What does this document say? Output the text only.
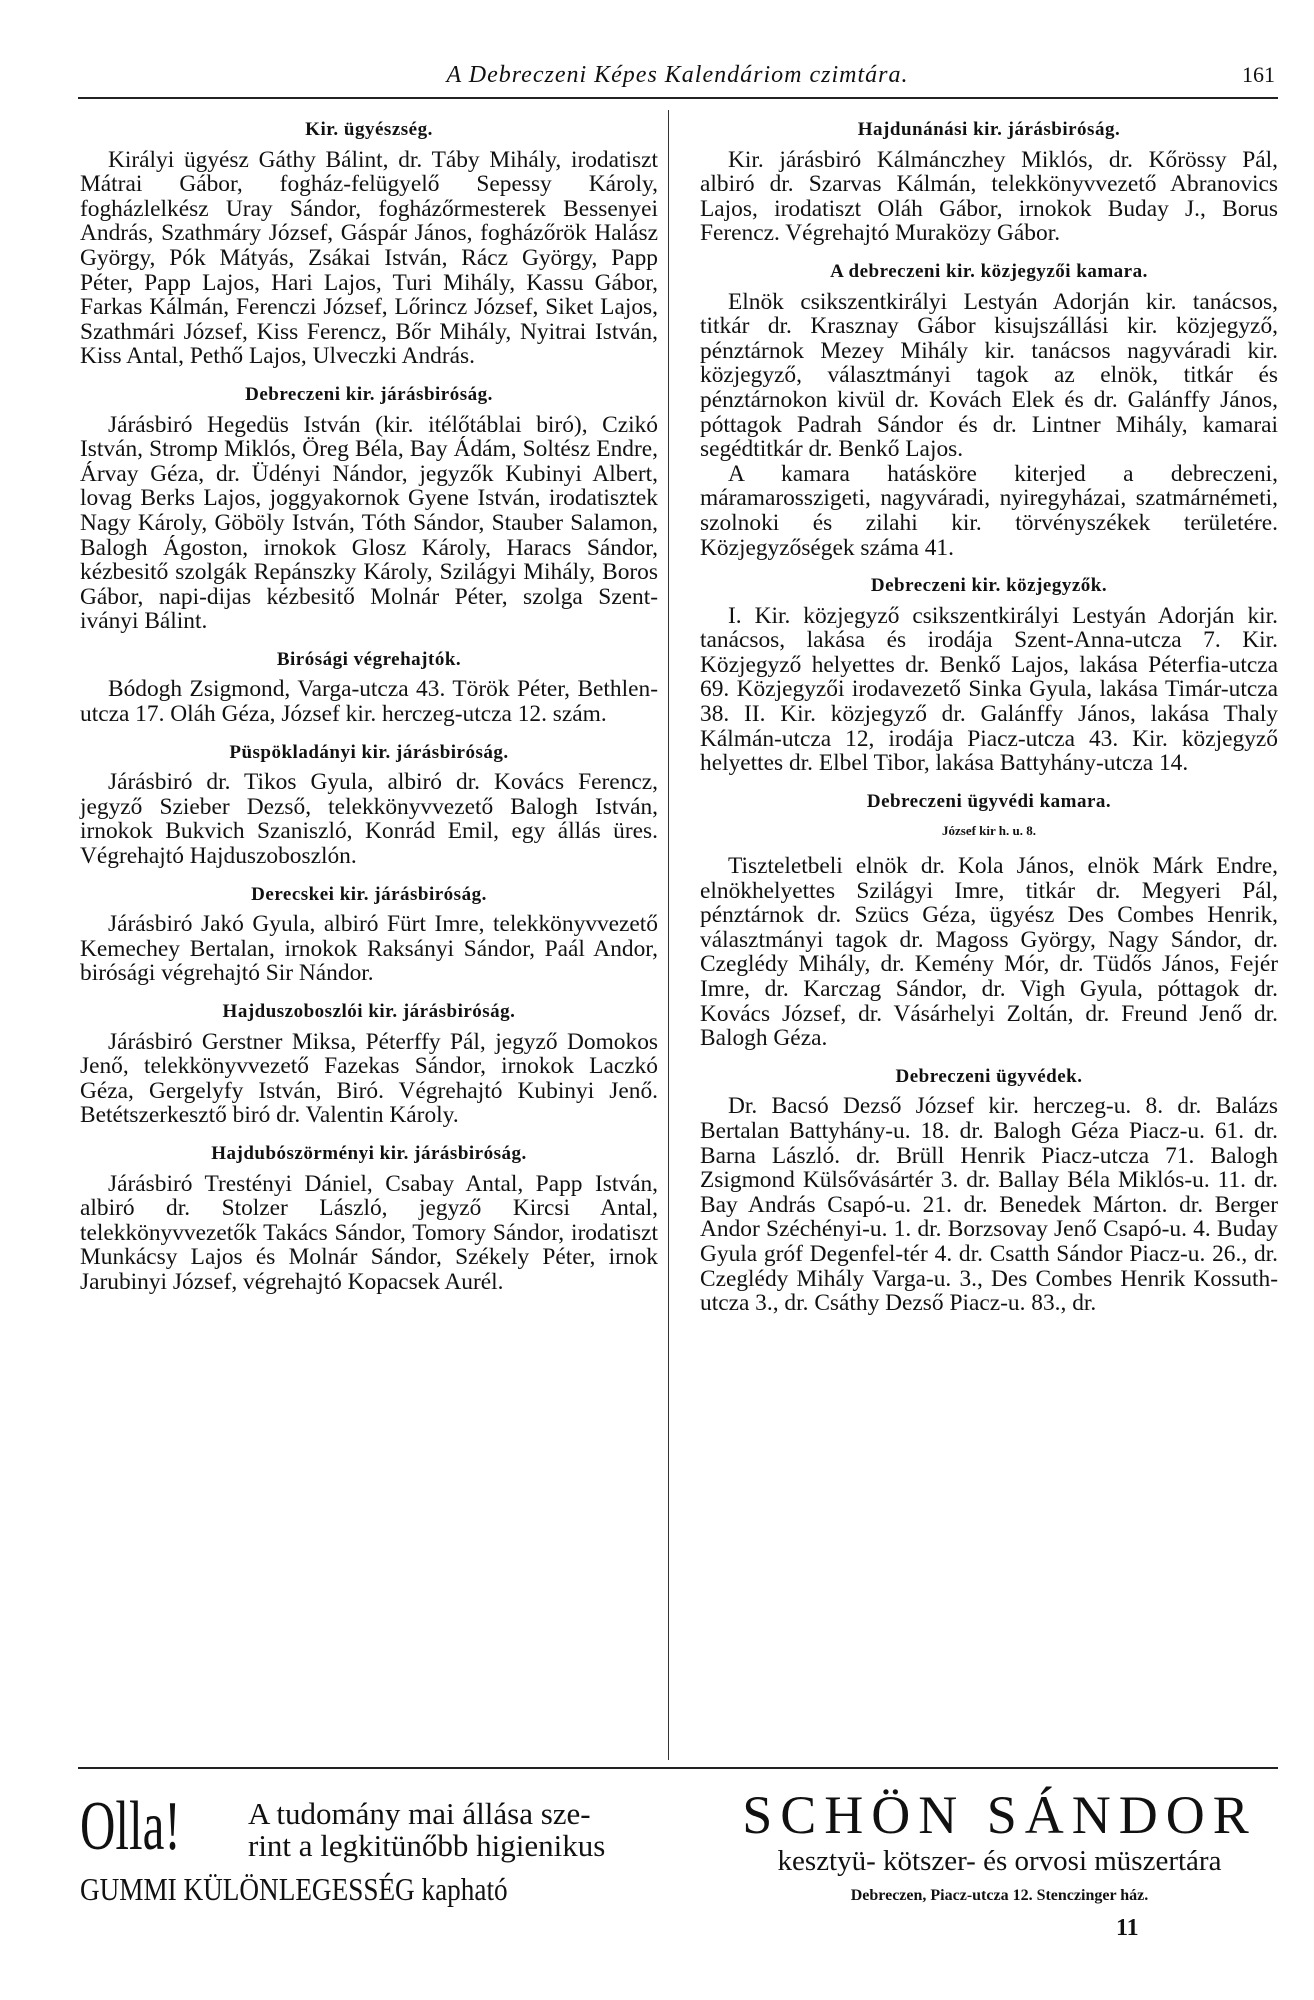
A Debreczeni Képes Kalendáriom czimtára.	161
Kir. ügyészség.

Királyi ügyész Gáthy Bálint, dr. Táby Mihály, irodatiszt Mátrai Gábor, fogház-felügyelő Sepessy Károly, fogházlelkész Uray Sándor, fogházőrmesterek Bessenyei András, Szathmáry József, Gáspár János, fogházőrök Halász György, Pók Mátyás, Zsákai István, Rácz György, Papp Péter, Papp Lajos, Hari Lajos, Turi Mihály, Kassu Gábor, Farkas Kálmán, Ferenczi József, Lőrincz József, Siket Lajos, Szathmári József, Kiss Ferencz, Bőr Mihály, Nyitrai István, Kiss Antal, Pethő Lajos, Ulveczki András.

Debreczeni kir. járásbiróság.

Járásbiró Hegedüs István (kir. itélőtáblai biró), Czikó István, Stromp Miklós, Öreg Béla, Bay Ádám, Soltész Endre, Árvay Géza, dr. Üdényi Nándor, jegyzők Kubinyi Albert, lovag Berks Lajos, joggyakornok Gyene István, irodatisztek Nagy Károly, Göböly István, Tóth Sándor, Stauber Salamon, Balogh Ágoston, irnokok Glosz Károly, Haracs Sándor, kézbesitő szolgák Repánszky Károly, Szilágyi Mihály, Boros Gábor, napi-dijas kézbesitő Molnár Péter, szolga Szent-iványi Bálint.

Birósági végrehajtók.

Bódogh Zsigmond, Varga-utcza 43. Török Péter, Bethlen-utcza 17. Oláh Géza, József kir. herczeg-utcza 12. szám.

Püspökladányi kir. járásbiróság.

Járásbiró dr. Tikos Gyula, albiró dr. Kovács Ferencz, jegyző Szieber Dezső, telekkönyvvezető Balogh István, irnokok Bukvich Szaniszló, Konrád Emil, egy állás üres. Végrehajtó Hajduszoboszlón.

Derecskei kir. járásbiróság.

Járásbiró Jakó Gyula, albiró Fürt Imre, telekkönyvvezető Kemechey Bertalan, irnokok Raksányi Sándor, Paál Andor, birósági végrehajtó Sir Nándor.

Hajduszoboszlói kir. járásbiróság.

Járásbiró Gerstner Miksa, Péterffy Pál, jegyző Domokos Jenő, telekkönyvvezető Fazekas Sándor, irnokok Laczkó Géza, Gergelyfy István, Biró. Végrehajtó Kubinyi Jenő. Betétszerkesztő biró dr. Valentin Károly.

Hajdubószörményi kir. járásbiróság.

Járásbiró Trestényi Dániel, Csabay Antal, Papp István, albiró dr. Stolzer László, jegyző Kircsi Antal, telekkönyvvezetők Takács Sándor, Tomory Sándor, irodatiszt Munkácsy Lajos és Molnár Sándor, Székely Péter, irnok Jarubinyi József, végrehajtó Kopacsek Aurél.

Hajdunánási kir. járásbiróság.

Kir. járásbiró Kálmánczhey Miklós, dr. Kőrössy Pál, albiró dr. Szarvas Kálmán, telekkönyvvezető Abranovics Lajos, irodatiszt Oláh Gábor, irnokok Buday J., Borus Ferencz. Végrehajtó Muraközy Gábor.

A debreczeni kir. közjegyzői kamara.

Elnök csikszentkirályi Lestyán Adorján kir. tanácsos, titkár dr. Krasznay Gábor kisujszállási kir. közjegyző, pénztárnok Mezey Mihály kir. tanácsos nagyváradi kir. közjegyző, választmányi tagok az elnök, titkár és pénztárnokon kivül dr. Kovách Elek és dr. Galánffy János, póttagok Padrah Sándor és dr. Lintner Mihály, kamarai segédtitkár dr. Benkő Lajos.

A kamara hatásköre kiterjed a debreczeni, máramarosszigeti, nagyváradi, nyiregyházai, szatmárnémeti, szolnoki és zilahi kir. törvényszékek területére. Közjegyzőségek száma 41.

Debreczeni kir. közjegyzők.

I. Kir. közjegyző csikszentkirályi Lestyán Adorján kir. tanácsos, lakása és irodája Szent-Anna-utcza 7. Kir. Közjegyző helyettes dr. Benkő Lajos, lakása Péterfia-utcza 69. Közjegyzői irodavezető Sinka Gyula, lakása Timár-utcza 38. II. Kir. közjegyző dr. Galánffy János, lakása Thaly Kálmán-utcza 12, irodája Piacz-utcza 43. Kir. közjegyző helyettes dr. Elbel Tibor, lakása Battyhány-utcza 14.

Debreczeni ügyvédi kamara.
József kir h. u. 8.

Tiszteletbeli elnök dr. Kola János, elnök Márk Endre, elnökhelyettes Szilágyi Imre, titkár dr. Megyeri Pál, pénztárnok dr. Szücs Géza, ügyész Des Combes Henrik, választmányi tagok dr. Magoss György, Nagy Sándor, dr. Czeglédy Mihály, dr. Kemény Mór, dr. Tüdős János, Fejér Imre, dr. Karczag Sándor, dr. Vigh Gyula, póttagok dr. Kovács József, dr. Vásárhelyi Zoltán, dr. Freund Jenő dr. Balogh Géza.

Debreczeni ügyvédek.

Dr. Bacsó Dezső József kir. herczeg-u. 8. dr. Balázs Bertalan Battyhány-u. 18. dr. Balogh Géza Piacz-u. 61. dr. Barna László. dr. Brüll Henrik Piacz-utcza 71. Balogh Zsigmond Külsővásártér 3. dr. Ballay Béla Miklós-u. 11. dr. Bay András Csapó-u. 21. dr. Benedek Márton. dr. Berger Andor Széchényi-u. 1. dr. Borzsovay Jenő Csapó-u. 4. Buday Gyula gróf Degenfel-tér 4. dr. Csatth Sándor Piacz-u. 26., dr. Czeglédy Mihály Varga-u. 3., Des Combes Henrik Kossuth-utcza 3., dr. Csáthy Dezső Piacz-u. 83., dr.

Olla! A tudomány mai állása sze-
rint a legkitünőbb higienikus
GUMMI KÜLÖNLEGESSÉG kapható
SCHÖN SÁNDOR
kesztyü- kötszer- és orvosi müszertára
Debreczen, Piacz-utcza 12. Stenczinger ház.
11
